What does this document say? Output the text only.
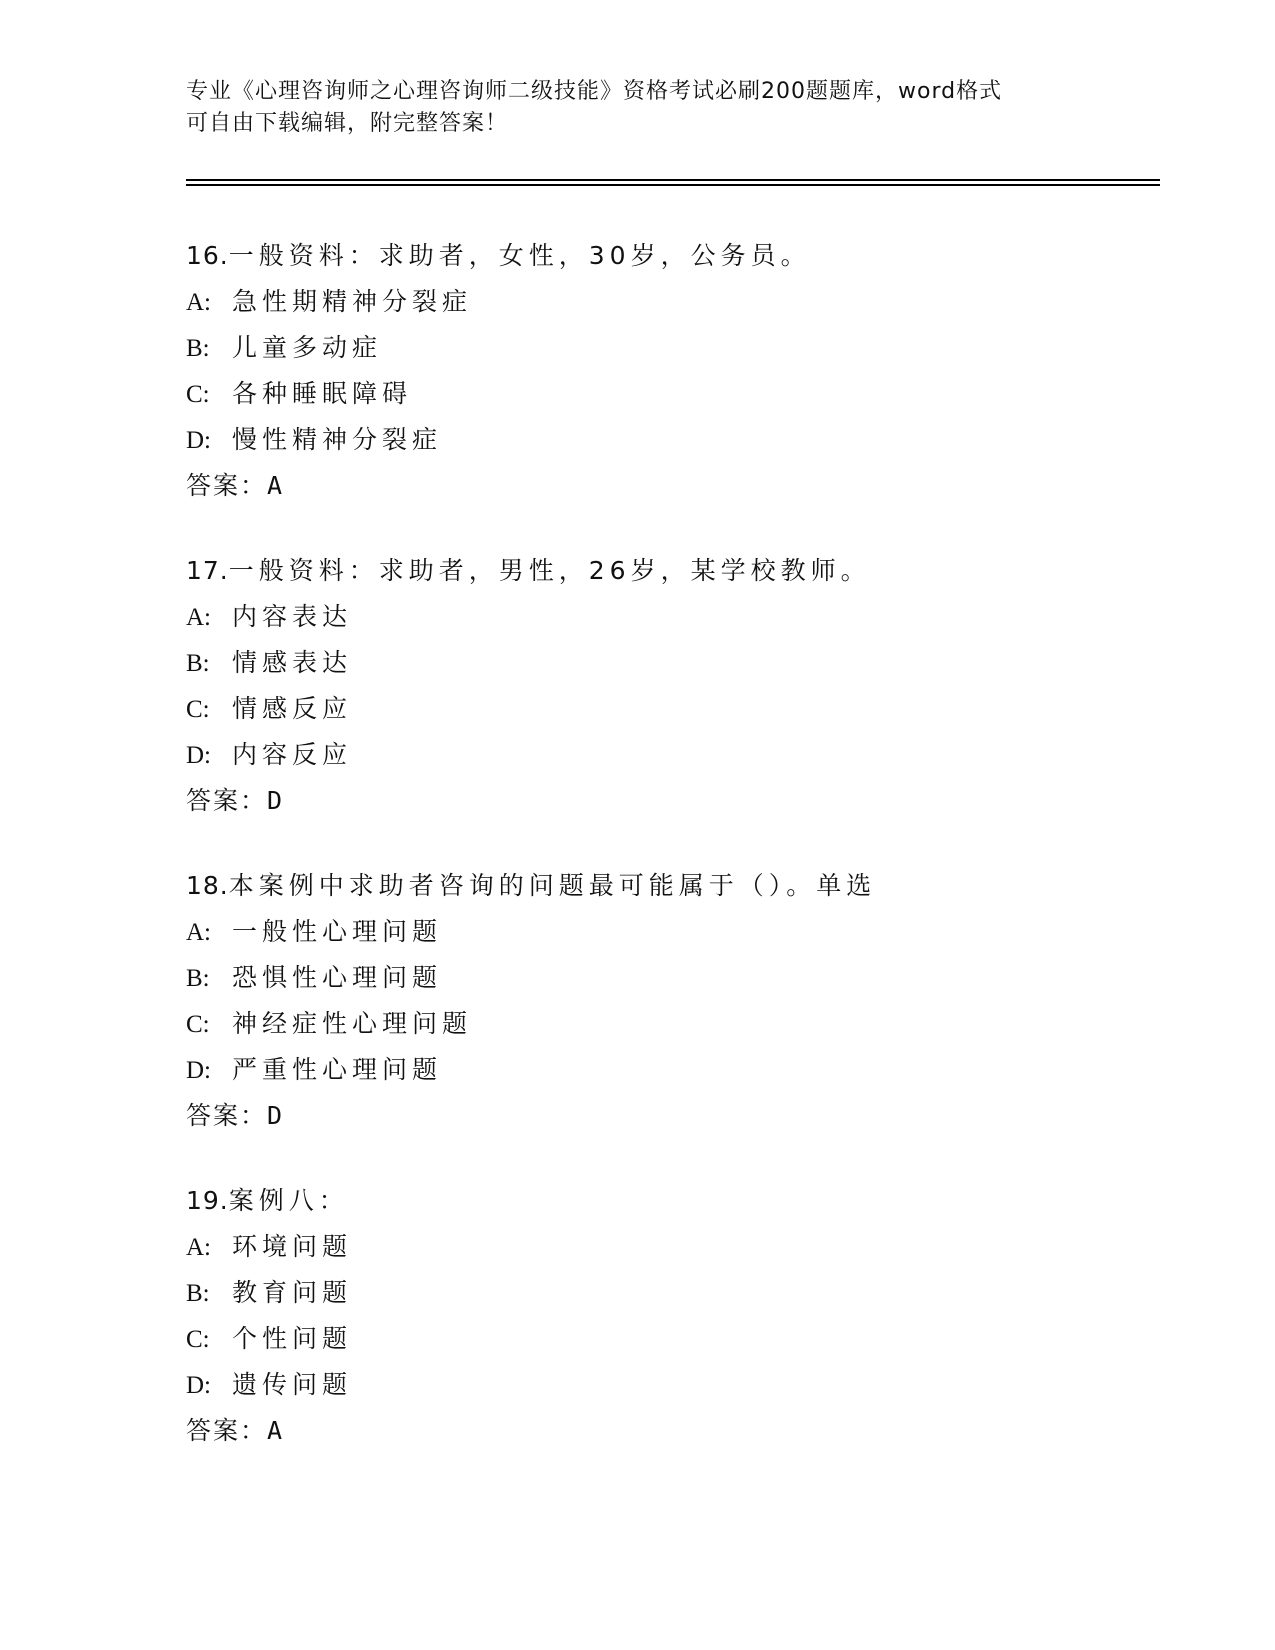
专业《心理咨询师之心理咨询师二级技能》资格考试必刷200题题库，word格式
可自由下载编辑，附完整答案！
16.一般资料：求助者，女性，30岁，公务员。
A: 急性期精神分裂症
B: 儿童多动症
C: 各种睡眠障碍
D: 慢性精神分裂症
答案：A
17.一般资料：求助者，男性，26岁，某学校教师。
A: 内容表达
B: 情感表达
C: 情感反应
D: 内容反应
答案：D
18.本案例中求助者咨询的问题最可能属于（）。单选
A: 一般性心理问题
B: 恐惧性心理问题
C: 神经症性心理问题
D: 严重性心理问题
答案：D
19.案例八：
A: 环境问题
B: 教育问题
C: 个性问题
D: 遗传问题
答案：A
